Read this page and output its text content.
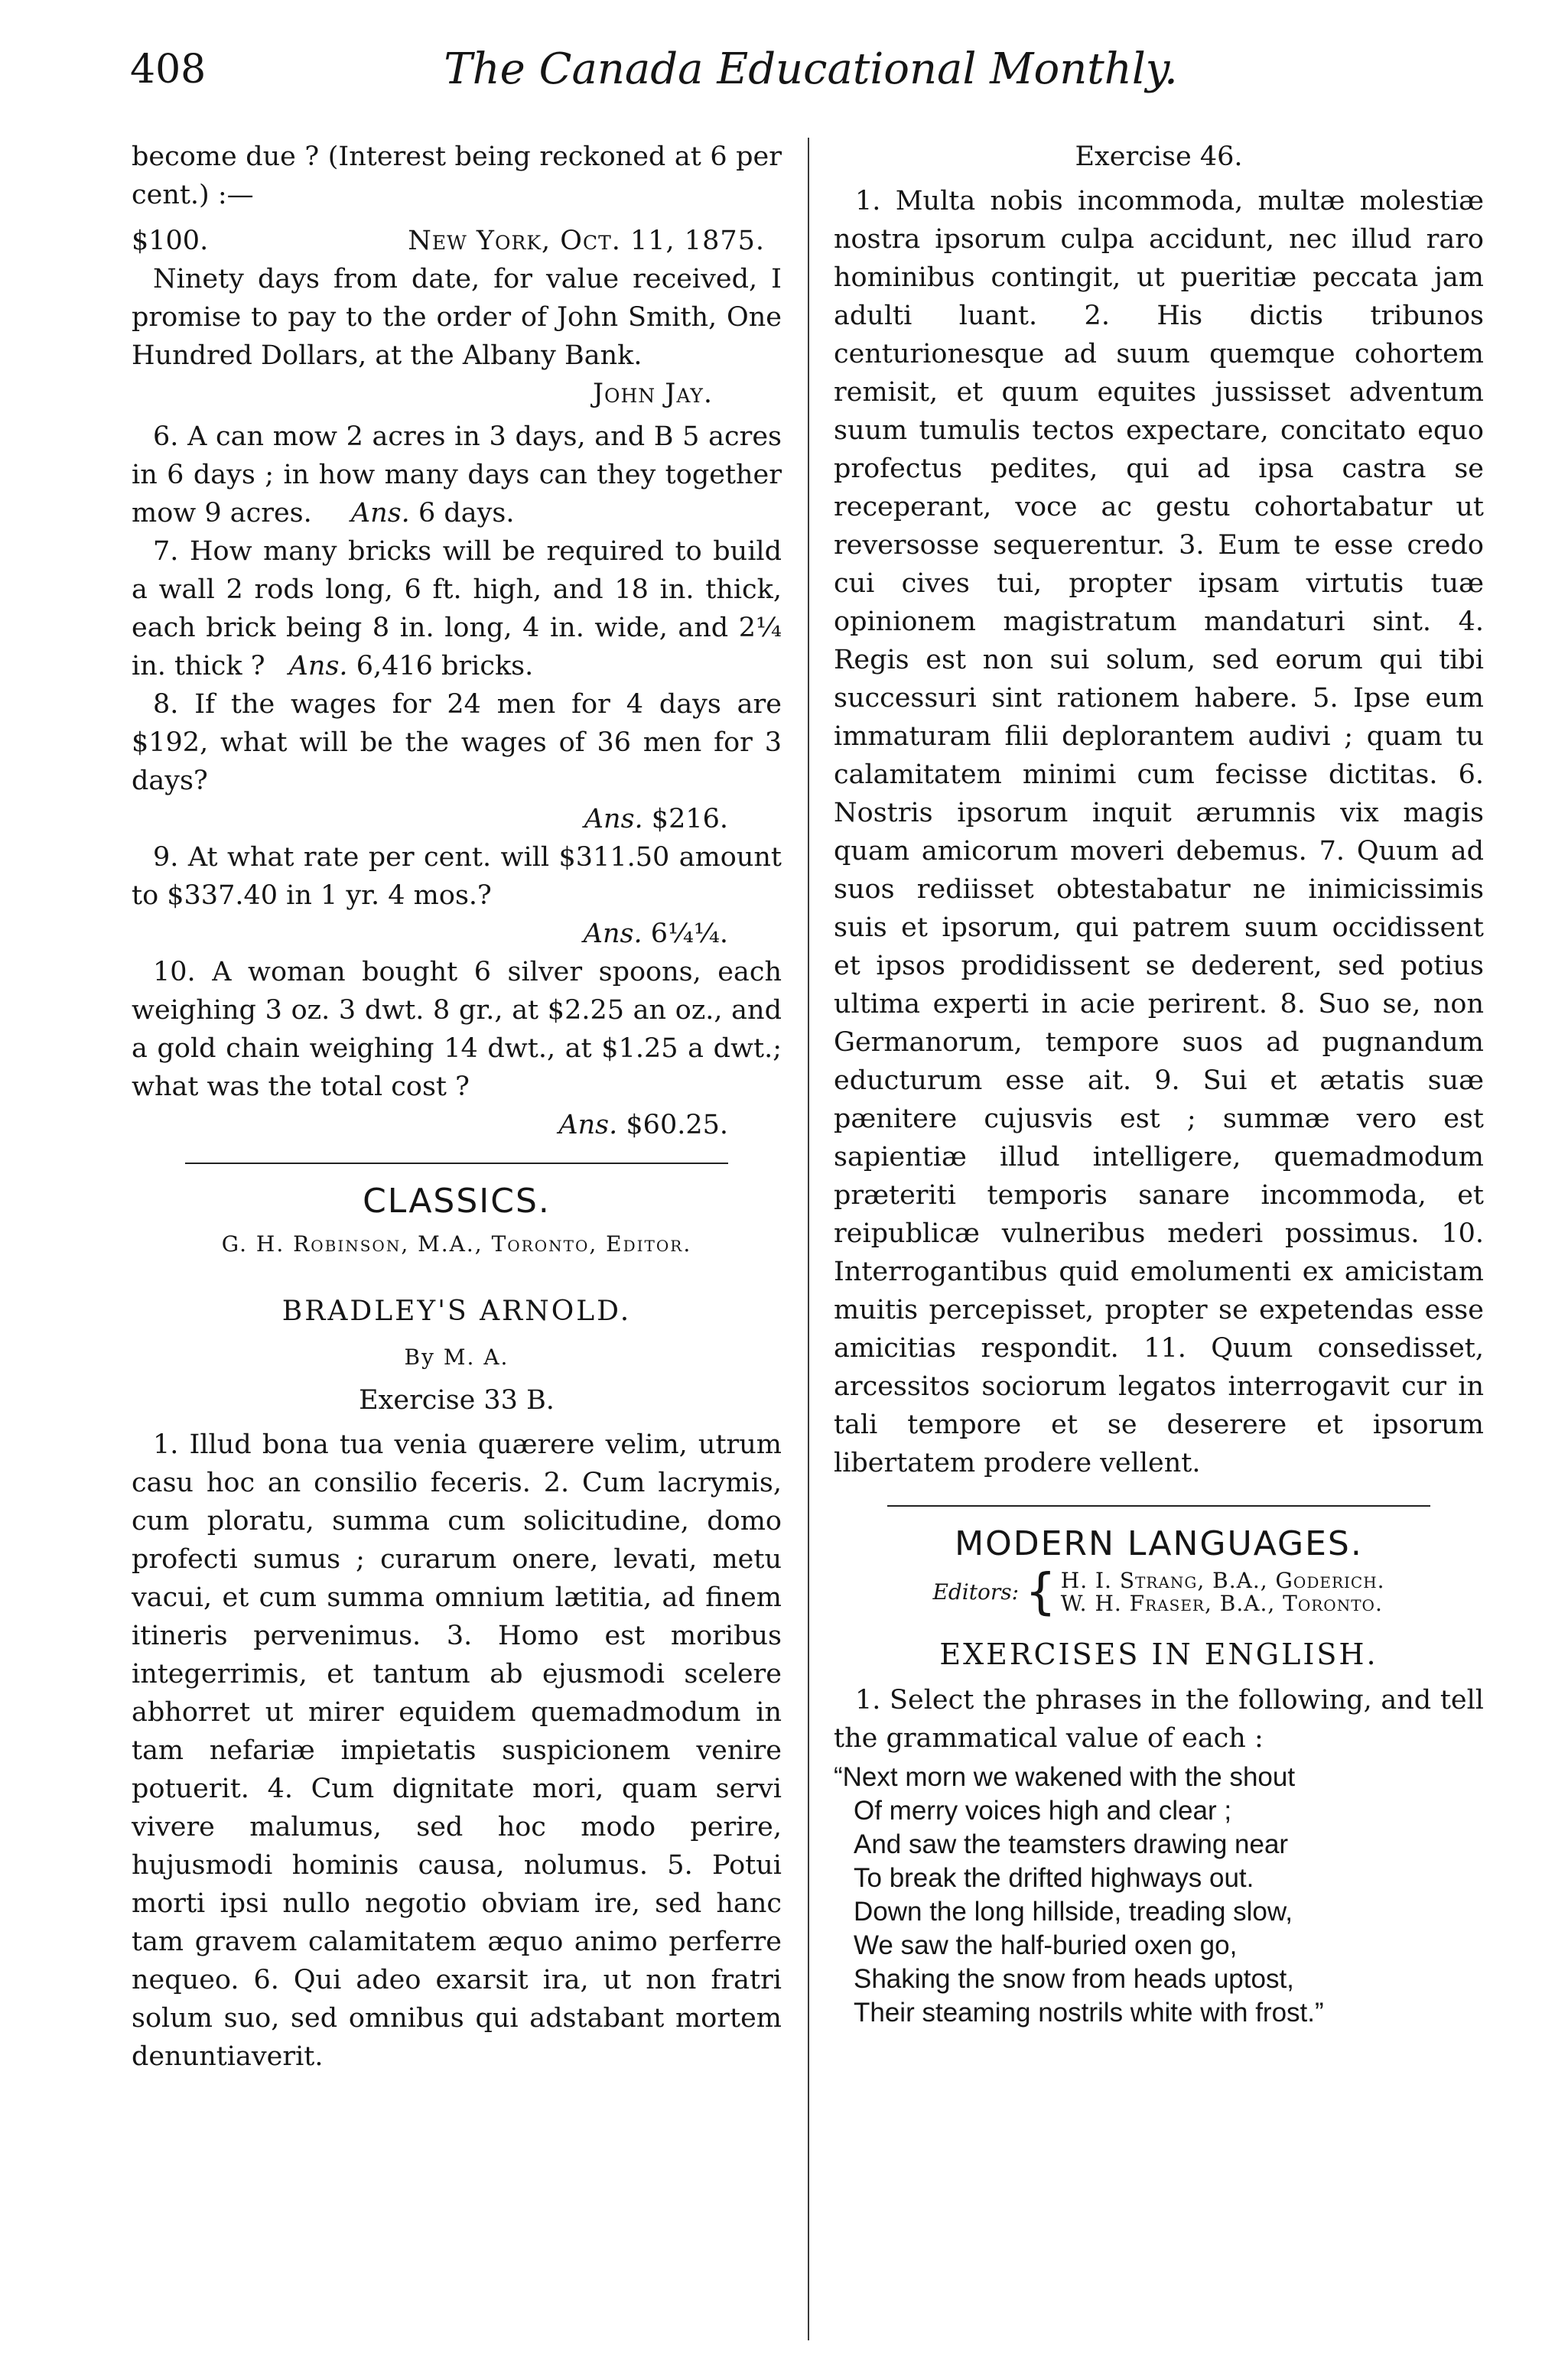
408	The Canada Educational Monthly.

become due ? (Interest being reckoned at 6 per cent.) :—

$100.	New York, Oct. 11, 1875.

Ninety days from date, for value received, I promise to pay to the order of John Smith, One Hundred Dollars, at the Albany Bank.

John Jay.

6. A can mow 2 acres in 3 days, and B 5 acres in 6 days ; in how many days can they together mow 9 acres. Ans. 6 days.

7. How many bricks will be required to build a wall 2 rods long, 6 ft. high, and 18 in. thick, each brick being 8 in. long, 4 in. wide, and 2¼ in. thick ? Ans. 6,416 bricks.

8. If the wages for 24 men for 4 days are $192, what will be the wages of 36 men for 3 days?

Ans. $216.

9. At what rate per cent. will $311.50 amount to $337.40 in 1 yr. 4 mos.?

Ans. 6¼¼.

10. A woman bought 6 silver spoons, each weighing 3 oz. 3 dwt. 8 gr., at $2.25 an oz., and a gold chain weighing 14 dwt., at $1.25 a dwt.; what was the total cost ?

Ans. $60.25.

CLASSICS.
G. H. Robinson, M.A., Toronto, Editor.
BRADLEY'S ARNOLD.
By M. A.
Exercise 33 B.

1. Illud bona tua venia quærere velim, utrum casu hoc an consilio feceris. 2. Cum lacrymis, cum ploratu, summa cum solicitudine, domo profecti sumus ; curarum onere, levati, metu vacui, et cum summa omnium lætitia, ad finem itineris pervenimus. 3. Homo est moribus integerrimis, et tantum ab ejusmodi scelere abhorret ut mirer equidem quemadmodum in tam nefariæ impietatis suspicionem venire potuerit. 4. Cum dignitate mori, quam servi vivere malumus, sed hoc modo perire, hujusmodi hominis causa, nolumus. 5. Potui morti ipsi nullo negotio obviam ire, sed hanc tam gravem calamitatem æquo animo perferre nequeo. 6. Qui adeo exarsit ira, ut non fratri solum suo, sed omnibus qui adstabant mortem denuntiaverit.

Exercise 46.

1. Multa nobis incommoda, multæ molestiæ nostra ipsorum culpa accidunt, nec illud raro hominibus contingit, ut pueritiæ peccata jam adulti luant. 2. His dictis tribunos centurionesque ad suum quemque cohortem remisit, et quum equites jussisset adventum suum tumulis tectos expectare, concitato equo profectus pedites, qui ad ipsa castra se receperant, voce ac gestu cohortabatur ut reversosse sequerentur. 3. Eum te esse credo cui cives tui, propter ipsam virtutis tuæ opinionem magistratum mandaturi sint. 4. Regis est non sui solum, sed eorum qui tibi successuri sint rationem habere. 5. Ipse eum immaturam filii deplorantem audivi ; quam tu calamitatem minimi cum fecisse dictitas. 6. Nostris ipsorum inquit ærumnis vix magis quam amicorum moveri debemus. 7. Quum ad suos rediisset obtestabatur ne inimicissimis suis et ipsorum, qui patrem suum occidissent et ipsos prodidissent se dederent, sed potius ultima experti in acie perirent. 8. Suo se, non Germanorum, tempore suos ad pugnandum educturum esse ait. 9. Sui et ætatis suæ pænitere cujusvis est ; summæ vero est sapientiæ illud intelligere, quemadmodum præteriti temporis sanare incommoda, et reipublicæ vulneribus mederi possimus. 10. Interrogantibus quid emolumenti ex amicistam muitis percepisset, propter se expetendas esse amicitias respondit. 11. Quum consedisset, arcessitos sociorum legatos interrogavit cur in tali tempore et se deserere et ipsorum libertatem prodere vellent.

MODERN LANGUAGES.
Editors: { H. I. Strang, B.A., Goderich.
W. H. Fraser, B.A., Toronto.
EXERCISES IN ENGLISH.

1. Select the phrases in the following, and tell the grammatical value of each :

“Next morn we wakened with the shout
Of merry voices high and clear ;
And saw the teamsters drawing near
To break the drifted highways out.
Down the long hillside, treading slow,
We saw the half-buried oxen go,
Shaking the snow from heads uptost,
Their steaming nostrils white with frost.”
